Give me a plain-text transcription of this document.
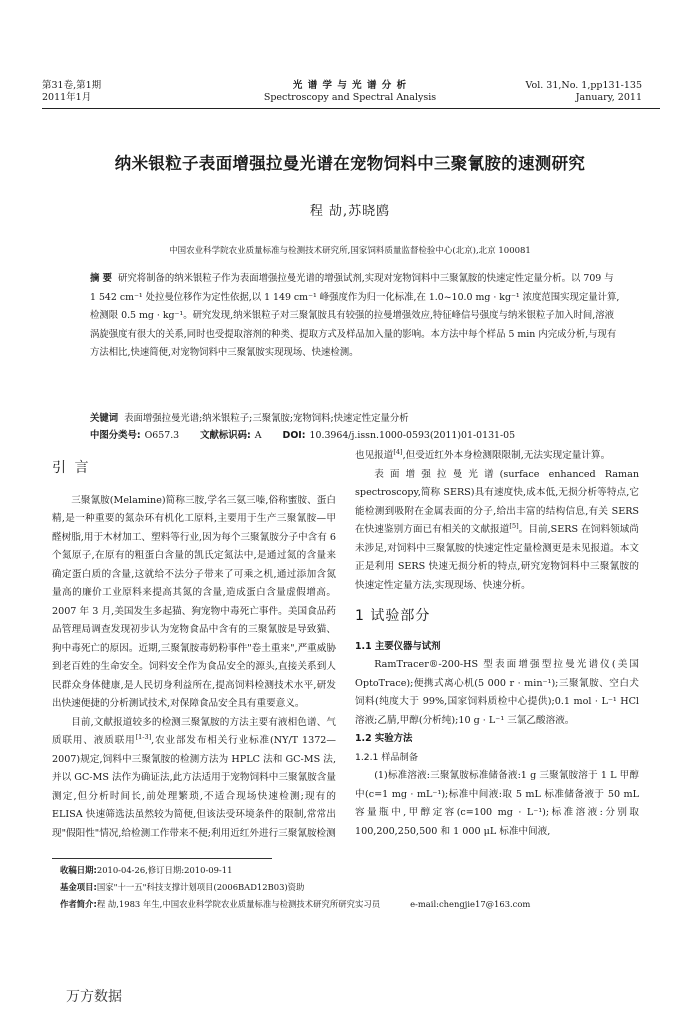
第31卷,第1期
2011年1月
光 谱 学 与 光 谱 分 析
Spectroscopy and Spectral Analysis
Vol. 31,No. 1,pp131-135
January, 2011
纳米银粒子表面增强拉曼光谱在宠物饲料中三聚氰胺的速测研究
程 劼,苏晓鸥
中国农业科学院农业质量标准与检测技术研究所,国家饲料质量监督检验中心(北京),北京 100081
摘 要 研究将制备的纳米银粒子作为表面增强拉曼光谱的增强试剂,实现对宠物饲料中三聚氰胺的快速定性定量分析。以 709 与 1 542 cm⁻¹ 处拉曼位移作为定性依据,以 1 149 cm⁻¹ 峰强度作为归一化标准,在 1.0~10.0 mg · kg⁻¹ 浓度范围实现定量计算,检测限 0.5 mg · kg⁻¹。研究发现,纳米银粒子对三聚氰胺具有较强的拉曼增强效应,特征峰信号强度与纳米银粒子加入时间,溶液涡旋强度有很大的关系,同时也受提取溶剂的种类、提取方式及样品加入量的影响。本方法中每个样品 5 min 内完成分析,与现有方法相比,快速简便,对宠物饲料中三聚氰胺实现现场、快速检测。
关键词 表面增强拉曼光谱;纳米银粒子;三聚氰胺;宠物饲料;快速定性定量分析
中图分类号: O657.3 文献标识码: A DOI: 10.3964/j.issn.1000-0593(2011)01-0131-05
引 言

三聚氰胺(Melamine)简称三胺,学名三氨三嗪,俗称蜜胺、蛋白精,是一种重要的氮杂环有机化工原料,主要用于生产三聚氰胺—甲醛树脂,用于木材加工、塑料等行业,因为每个三聚氰胺分子中含有 6 个氮原子,在原有的粗蛋白含量的凯氏定氮法中,是通过氮的含量来确定蛋白质的含量,这就给不法分子带来了可乘之机,通过添加含氮量高的廉价工业原料来提高其氮的含量,造成蛋白含量虚假增高。2007 年 3 月,美国发生多起猫、狗宠物中毒死亡事件。美国食品药品管理局调查发现初步认为宠物食品中含有的三聚氰胺是导致猫、狗中毒死亡的原因。近期,三聚氰胺毒奶粉事件"卷土重来",严重威胁到老百姓的生命安全。饲料安全作为食品安全的源头,直接关系到人民群众身体健康,是人民切身利益所在,提高饲料检测技术水平,研发出快速便捷的分析测试技术,对保障食品安全具有重要意义。

目前,文献报道较多的检测三聚氰胺的方法主要有液相色谱、气质联用、液质联用[1-3],农业部发布相关行业标准(NY/T 1372—2007)规定,饲料中三聚氰胺的检测方法为 HPLC 法和 GC-MS 法,并以 GC-MS 法作为确证法,此方法适用于宠物饲料中三聚氰胺含量测定,但分析时间长,前处理繁琐,不适合现场快速检测;现有的 ELISA 快速筛选法虽然较为简便,但该法受环境条件的限制,常常出现"假阳性"情况,给检测工作带来不便;利用近红外进行三聚氰胺检测

也见报道[4],但受近红外本身检测限限制,无法实现定量计算。

表面增强拉曼光谱(surface enhanced Raman spectroscopy,简称 SERS)具有速度快,成本低,无损分析等特点,它能检测到吸附在金属表面的分子,给出丰富的结构信息,有关 SERS 在快速鉴别方面已有相关的文献报道[5]。目前,SERS 在饲料领域尚未涉足,对饲料中三聚氰胺的快速定性定量检测更是未见报道。本文正是利用 SERS 快速无损分析的特点,研究宠物饲料中三聚氰胺的快速定性定量方法,实现现场、快速分析。

1 试验部分
1.1 主要仪器与试剂

RamTracer®-200-HS 型表面增强型拉曼光谱仪(美国 OptoTrace);便携式离心机(5 000 r · min⁻¹);三聚氰胺、空白犬饲料(纯度大于 99%,国家饲料质检中心提供);0.1 mol · L⁻¹ HCl 溶液;乙腈,甲醇(分析纯);10 g · L⁻¹ 三氯乙酸溶液。

1.2 实验方法
1.2.1 样品制备

(1)标准溶液:三聚氰胺标准储备液:1 g 三聚氰胺溶于 1 L 甲醇中(c=1 mg · mL⁻¹);标准中间液:取 5 mL 标准储备液于 50 mL 容量瓶中,甲醇定容(c=100 mg · L⁻¹);标准溶液:分别取 100,200,250,500 和 1 000 μL 标准中间液,

收稿日期:2010-04-26,修订日期:2010-09-11
基金项目:国家"十一五"科技支撑计划项目(2006BAD12B03)资助
作者简介:程 劼,1983 年生,中国农业科学院农业质量标准与检测技术研究所研究实习员	e-mail:chengjie17@163.com
万方数据
